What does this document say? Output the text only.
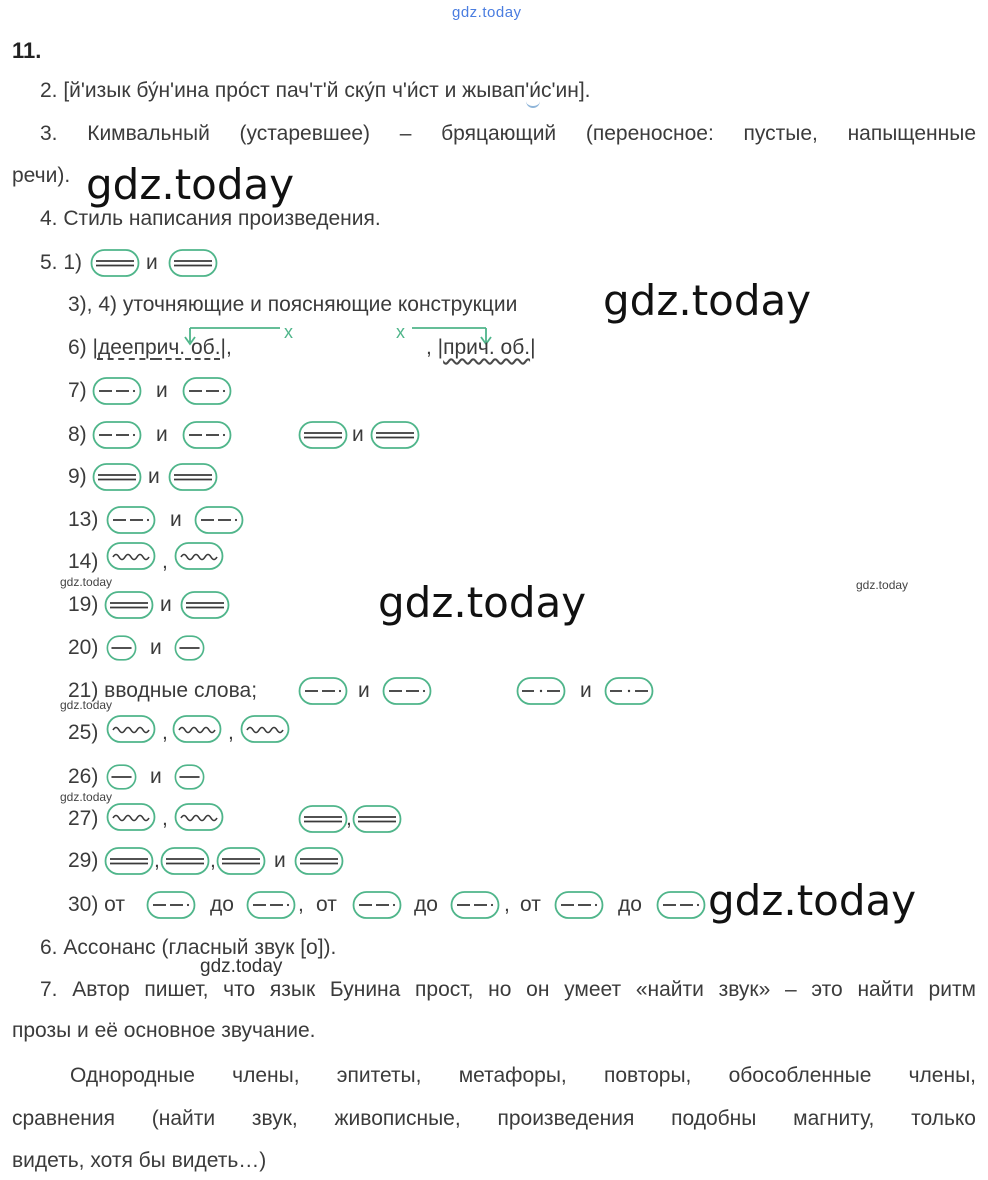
gdz.today
11.
2. [й'изык бу́н'ина про́ст пач'т'й ску́п ч'и́ст и жывап'и́с'ин].
3. Кимвальный (устаревшее) – бряцающий (переносное: пустые, напыщенные
речи). gdz.today
4. Стиль написания произведения.
5. 1)	и
3), 4) уточняющие и поясняющие конструкции gdz.today
х	х
6) |дееприч. об.|,	, |прич. об.|
7)	и
8)	и	и
9)	и
13)	и
14)	,
gdz.today	gdz.today
19)	и	gdz.today
20) и
21) вводные слова;	и	и
gdz.today
25)	,	,
26) и
gdz.today
27)	,	,
29)	, ,	и
30) от	до	, от	до	, от	до gdz.today
6. Ассонанс (гласный звук [о]).
gdz.today
7. Автор пишет, что язык Бунина прост, но он умеет «найти звук» – это найти ритм
прозы и её основное звучание.
Однородные члены, эпитеты, метафоры, повторы, обособленные члены,
сравнения (найти звук, живописные, произведения подобны магниту, только
видеть, хотя бы видеть…)
